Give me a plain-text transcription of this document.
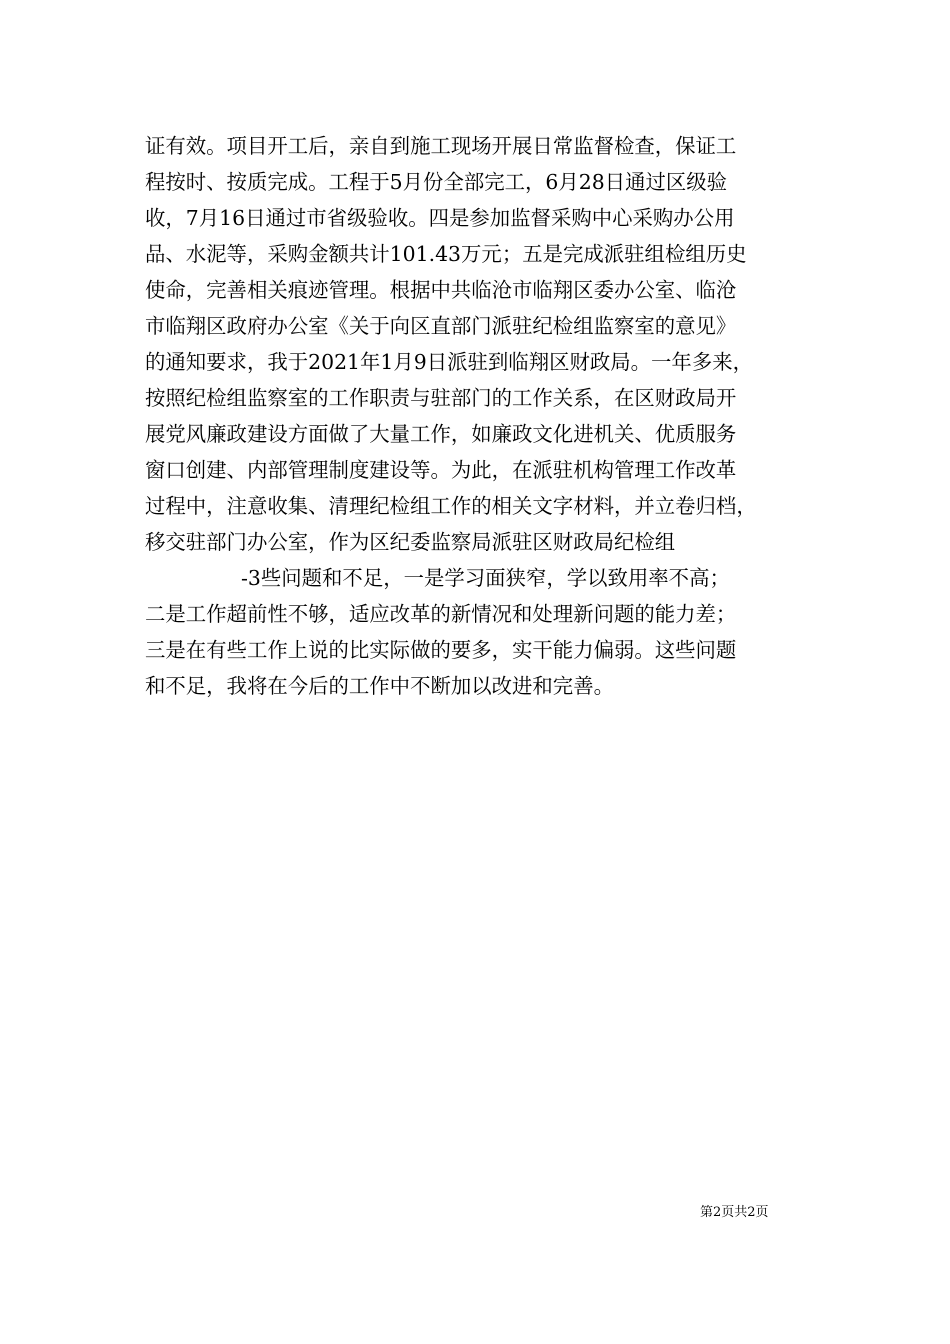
证有效。项目开工后，亲自到施工现场开展日常监督检查，保证工
程按时、按质完成。工程于5月份全部完工，6月28日通过区级验
收，7月16日通过市省级验收。四是参加监督采购中心采购办公用
品、水泥等，采购金额共计101.43万元；五是完成派驻组检组历史
使命，完善相关痕迹管理。根据中共临沧市临翔区委办公室、临沧
市临翔区政府办公室《关于向区直部门派驻纪检组监察室的意见》
的通知要求，我于2021年1月9日派驻到临翔区财政局。一年多来，
按照纪检组监察室的工作职责与驻部门的工作关系，在区财政局开
展党风廉政建设方面做了大量工作，如廉政文化进机关、优质服务
窗口创建、内部管理制度建设等。为此，在派驻机构管理工作改革
过程中，注意收集、清理纪检组工作的相关文字材料，并立卷归档，
移交驻部门办公室，作为区纪委监察局派驻区财政局纪检组
-3些问题和不足，一是学习面狭窄，学以致用率不高；
二是工作超前性不够，适应改革的新情况和处理新问题的能力差；
三是在有些工作上说的比实际做的要多，实干能力偏弱。这些问题
和不足，我将在今后的工作中不断加以改进和完善。
第2页共2页
